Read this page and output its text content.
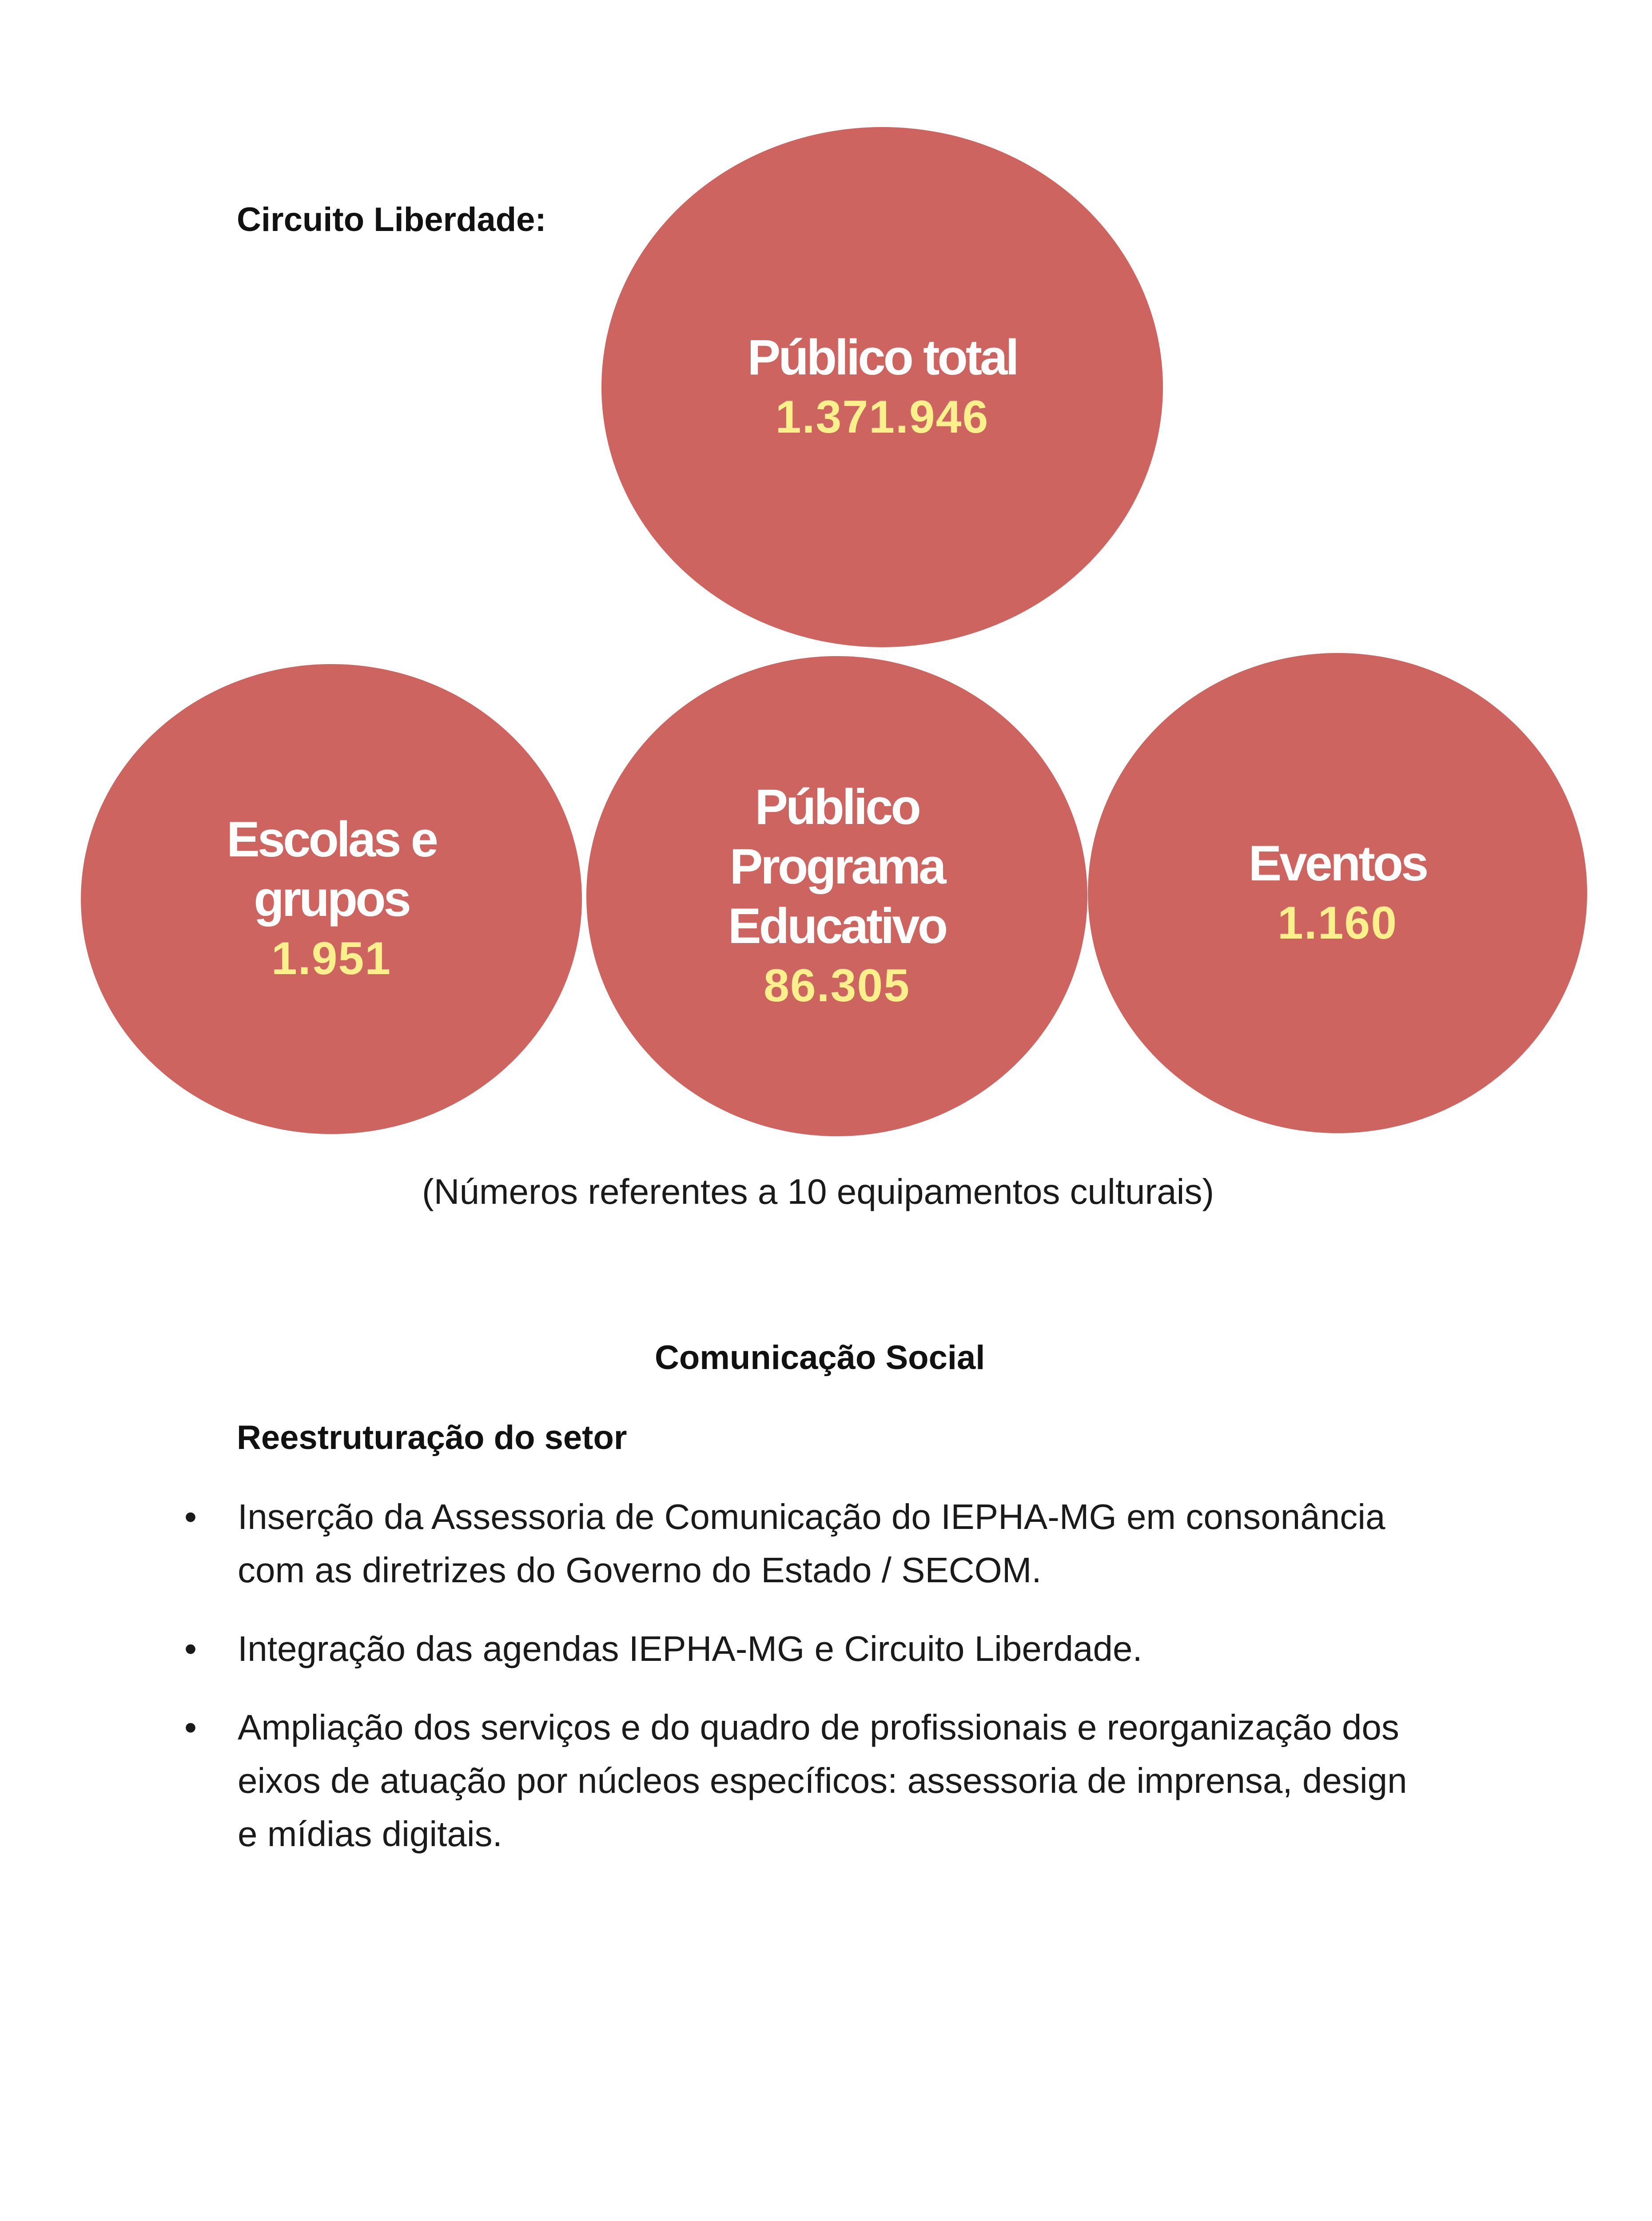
Circuito Liberdade:
Público total
1.371.946
Escolas e
grupos
1.951
Público
Programa
Educativo
86.305
Eventos
1.160
(Números referentes a 10 equipamentos culturais)
Comunicação Social
Reestruturação do setor
• Inserção da Assessoria de Comunicação do IEPHA-MG em consonância
com as diretrizes do Governo do Estado / SECOM.
• Integração das agendas IEPHA-MG e Circuito Liberdade.
• Ampliação dos serviços e do quadro de profissionais e reorganização dos
eixos de atuação por núcleos específicos: assessoria de imprensa, design
e mídias digitais.
